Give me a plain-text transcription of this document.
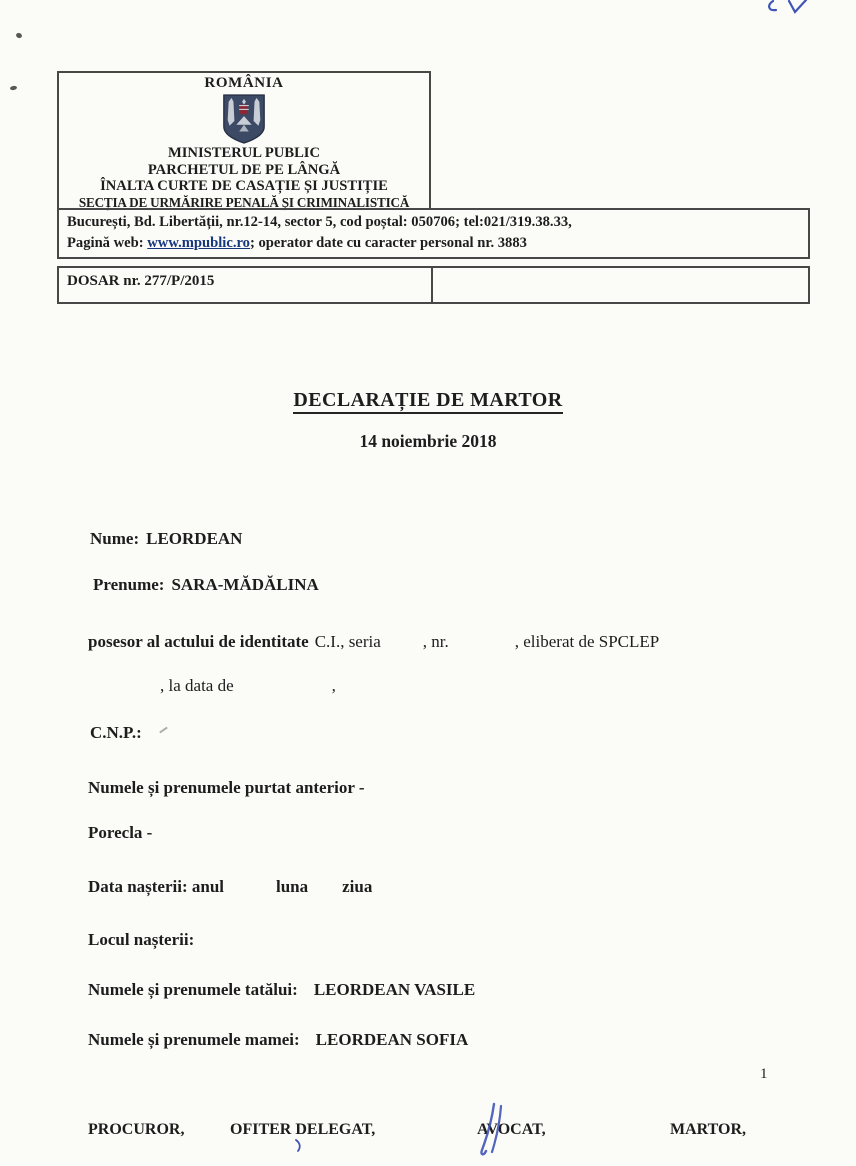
ROMÂNIA
MINISTERUL PUBLIC
PARCHETUL DE PE LÂNGĂ
ÎNALTA CURTE DE CASAȚIE ȘI JUSTIȚIE
SECȚIA DE URMĂRIRE PENALĂ ȘI CRIMINALISTICĂ
București, Bd. Libertății, nr.12-14, sector 5, cod poștal: 050706; tel:021/319.38.33,
Pagină web: www.mpublic.ro; operator date cu caracter personal nr. 3883
DOSAR nr. 277/P/2015
DECLARAȚIE DE MARTOR
14 noiembrie 2018
Nume: LEORDEAN
Prenume: SARA-MĂDĂLINA
posesor al actului de identitate C.I., seria , nr.	, eliberat de SPCLEP
, la data de	,
C.N.P.:
Numele și prenumele purtat anterior -
Porecla -
Data nașterii: anul	luna ziua
Locul nașterii:
Numele și prenumele tatălui: LEORDEAN VASILE
Numele și prenumele mamei: LEORDEAN SOFIA
1
PROCUROR,	OFITER DELEGAT,	AVOCAT,	MARTOR,
